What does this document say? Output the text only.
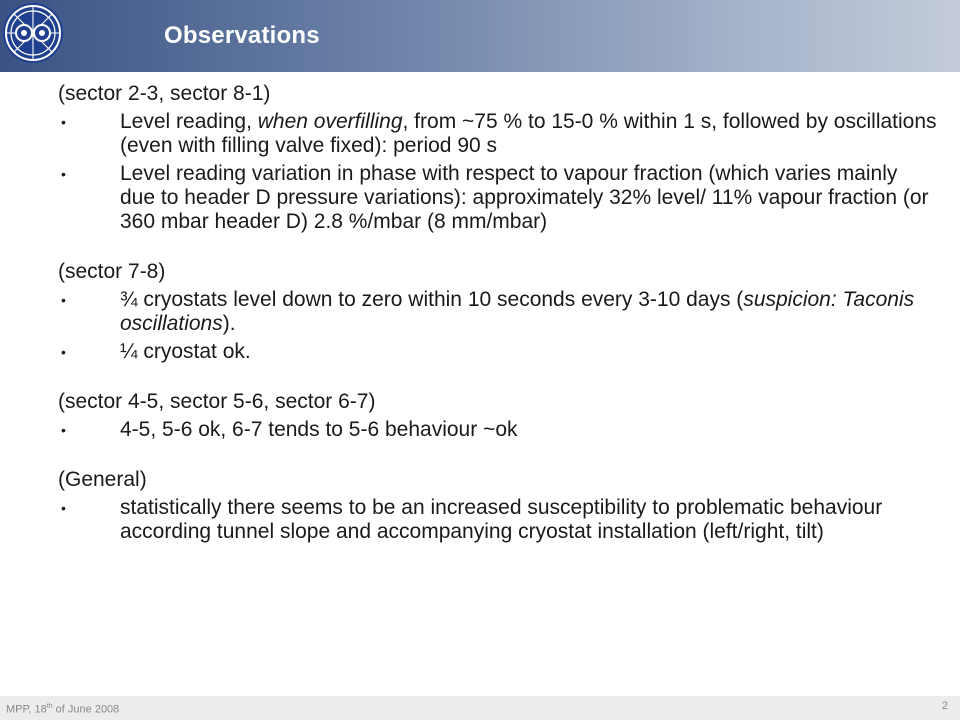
Observations
(sector 2-3, sector 8-1)
•	Level reading, when overfilling, from ~75 % to 15-0 % within 1 s, followed by oscillations (even with filling valve fixed): period 90 s
•	Level reading variation in phase with respect to vapour fraction (which varies mainly due to header D pressure variations): approximately 32% level/ 11% vapour fraction (or 360 mbar header D) 2.8 %/mbar (8 mm/mbar)
(sector 7-8)
•	¾ cryostats level down to zero within 10 seconds every 3-10 days (suspicion: Taconis oscillations).
•	¼ cryostat ok.
(sector 4-5, sector 5-6, sector 6-7)
•	4-5, 5-6 ok, 6-7 tends to 5-6 behaviour ~ok
(General)
•	statistically there seems to be an increased susceptibility to problematic behaviour according tunnel slope and accompanying cryostat installation (left/right, tilt)
MPP, 18th of June 2008	2
